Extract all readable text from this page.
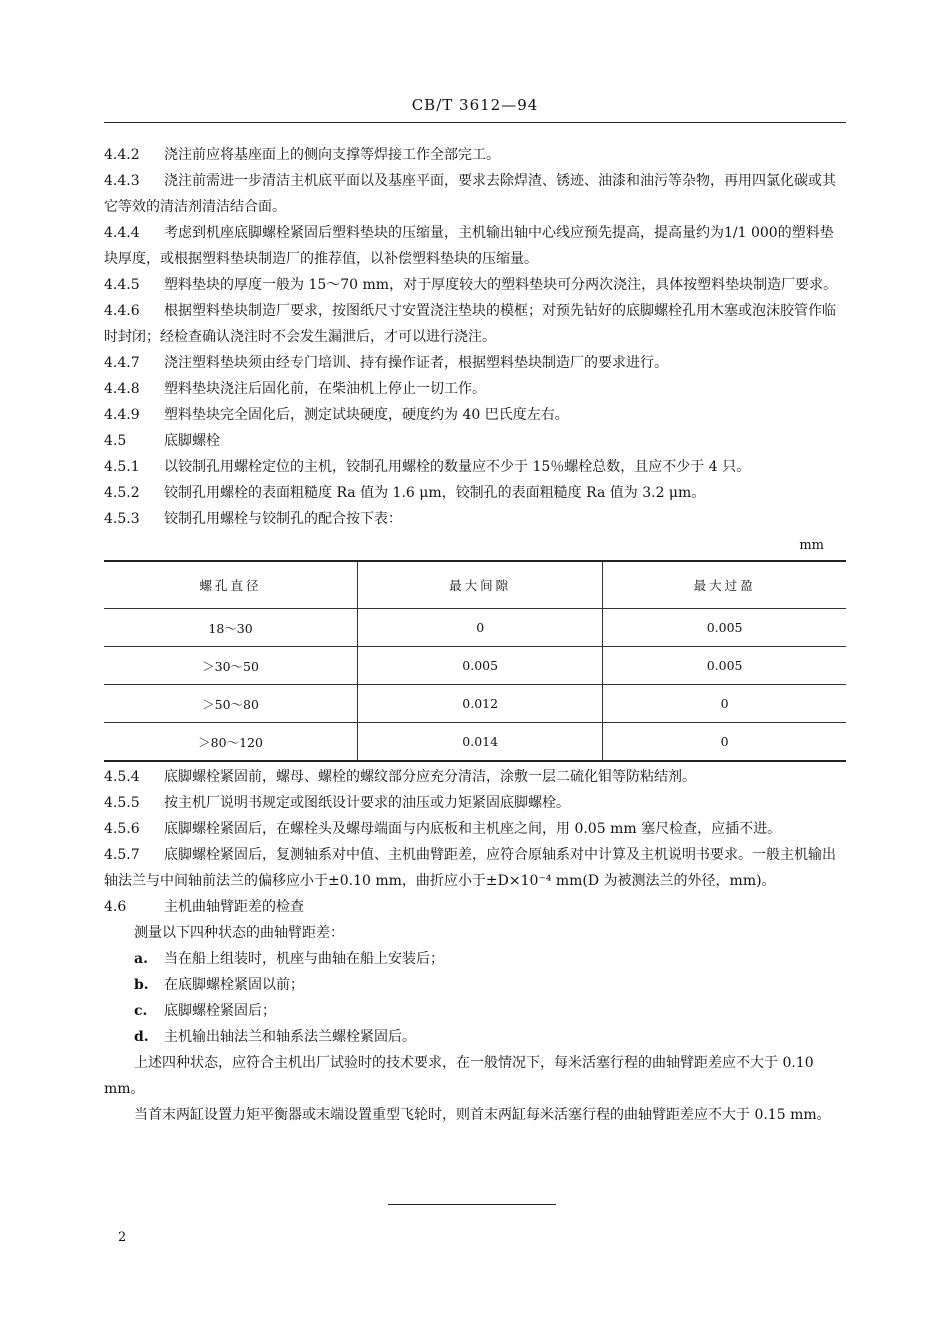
CB/T 3612—94
4.4.2 浇注前应将基座面上的侧向支撑等焊接工作全部完工。
4.4.3 浇注前需进一步清洁主机底平面以及基座平面，要求去除焊渣、锈迹、油漆和油污等杂物，再用四氯化碳或其它等效的清洁剂清洁结合面。
4.4.4 考虑到机座底脚螺栓紧固后塑料垫块的压缩量，主机输出轴中心线应预先提高，提高量约为1/1 000的塑料垫块厚度，或根据塑料垫块制造厂的推荐值，以补偿塑料垫块的压缩量。
4.4.5 塑料垫块的厚度一般为 15～70 mm，对于厚度较大的塑料垫块可分两次浇注，具体按塑料垫块制造厂要求。
4.4.6 根据塑料垫块制造厂要求，按图纸尺寸安置浇注垫块的模框；对预先钻好的底脚螺栓孔用木塞或泡沫胶管作临时封闭；经检查确认浇注时不会发生漏泄后，才可以进行浇注。
4.4.7 浇注塑料垫块须由经专门培训、持有操作证者，根据塑料垫块制造厂的要求进行。
4.4.8 塑料垫块浇注后固化前，在柴油机上停止一切工作。
4.4.9 塑料垫块完全固化后，测定试块硬度，硬度约为 40 巴氏度左右。
4.5	底脚螺栓
4.5.1 以铰制孔用螺栓定位的主机，铰制孔用螺栓的数量应不少于 15％螺栓总数，且应不少于 4 只。
4.5.2 铰制孔用螺栓的表面粗糙度 Ra 值为 1.6 μm，铰制孔的表面粗糙度 Ra 值为 3.2 μm。
4.5.3 铰制孔用螺栓与铰制孔的配合按下表：
mm
螺孔直径	最大间隙	最大过盈
18～30	0	0.005
＞30～50	0.005	0.005
＞50～80	0.012	0
＞80～120	0.014	0
4.5.4 底脚螺栓紧固前，螺母、螺栓的螺纹部分应充分清洁，涂敷一层二硫化钼等防粘结剂。
4.5.5 按主机厂说明书规定或图纸设计要求的油压或力矩紧固底脚螺栓。
4.5.6 底脚螺栓紧固后，在螺栓头及螺母端面与内底板和主机座之间，用 0.05 mm 塞尺检查，应插不进。
4.5.7 底脚螺栓紧固后，复测轴系对中值、主机曲臂距差，应符合原轴系对中计算及主机说明书要求。一般主机输出轴法兰与中间轴前法兰的偏移应小于±0.10 mm，曲折应小于±D×10⁻⁴ mm(D 为被测法兰的外径，mm)。
4.6	主机曲轴臂距差的检查
测量以下四种状态的曲轴臂距差：
a. 当在船上组装时，机座与曲轴在船上安装后；
b. 在底脚螺栓紧固以前；
c. 底脚螺栓紧固后；
d. 主机输出轴法兰和轴系法兰螺栓紧固后。
上述四种状态，应符合主机出厂试验时的技术要求，在一般情况下，每米活塞行程的曲轴臂距差应不大于 0.10 mm。
当首末两缸设置力矩平衡器或末端设置重型飞轮时，则首末两缸每米活塞行程的曲轴臂距差应不大于 0.15 mm。
2
